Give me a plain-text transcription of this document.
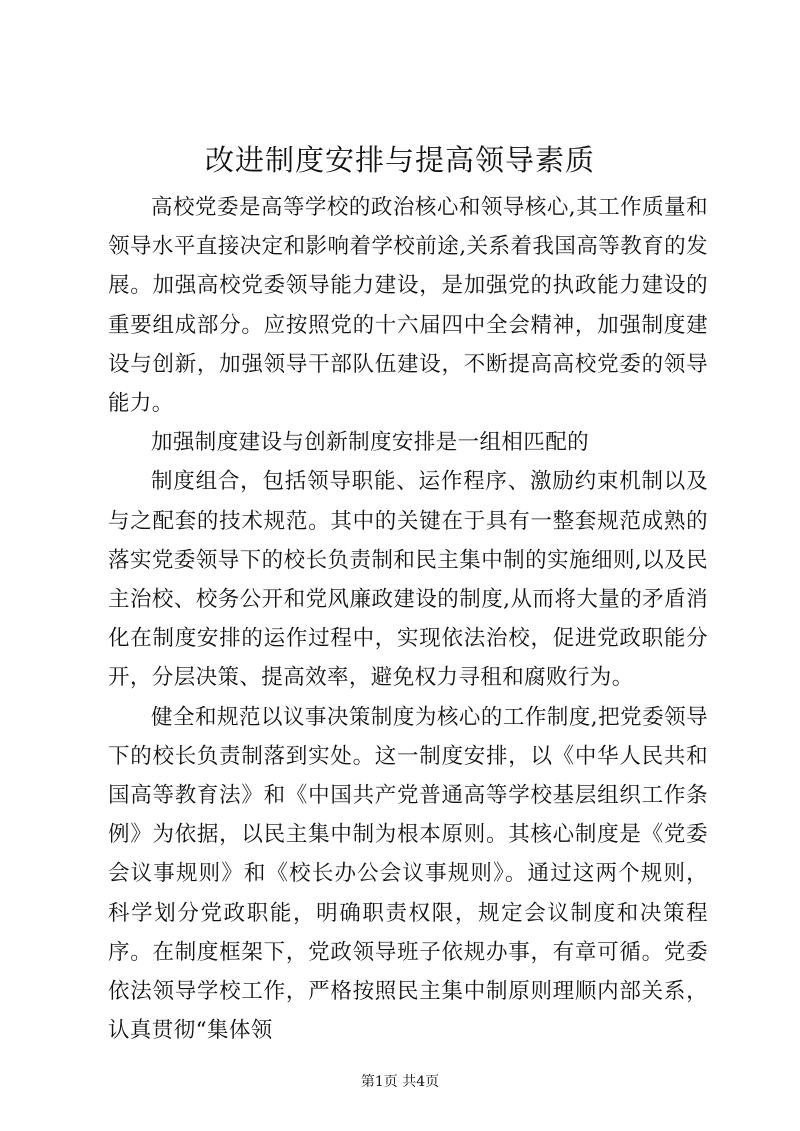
改进制度安排与提高领导素质

高校党委是高等学校的政治核心和领导核心,其工作质量和领导水平直接决定和影响着学校前途,关系着我国高等教育的发展。加强高校党委领导能力建设，是加强党的执政能力建设的重要组成部分。应按照党的十六届四中全会精神，加强制度建设与创新，加强领导干部队伍建设，不断提高高校党委的领导能力。

加强制度建设与创新制度安排是一组相匹配的

制度组合，包括领导职能、运作程序、激励约束机制以及与之配套的技术规范。其中的关键在于具有一整套规范成熟的落实党委领导下的校长负责制和民主集中制的实施细则,以及民主治校、校务公开和党风廉政建设的制度,从而将大量的矛盾消化在制度安排的运作过程中，实现依法治校，促进党政职能分开，分层决策、提高效率，避免权力寻租和腐败行为。

健全和规范以议事决策制度为核心的工作制度,把党委领导下的校长负责制落到实处。这一制度安排，以《中华人民共和国高等教育法》和《中国共产党普通高等学校基层组织工作条例》为依据，以民主集中制为根本原则。其核心制度是《党委会议事规则》和《校长办公会议事规则》。通过这两个规则，科学划分党政职能，明确职责权限，规定会议制度和决策程序。在制度框架下，党政领导班子依规办事，有章可循。党委依法领导学校工作，严格按照民主集中制原则理顺内部关系，认真贯彻“集体领

第1页 共4页
